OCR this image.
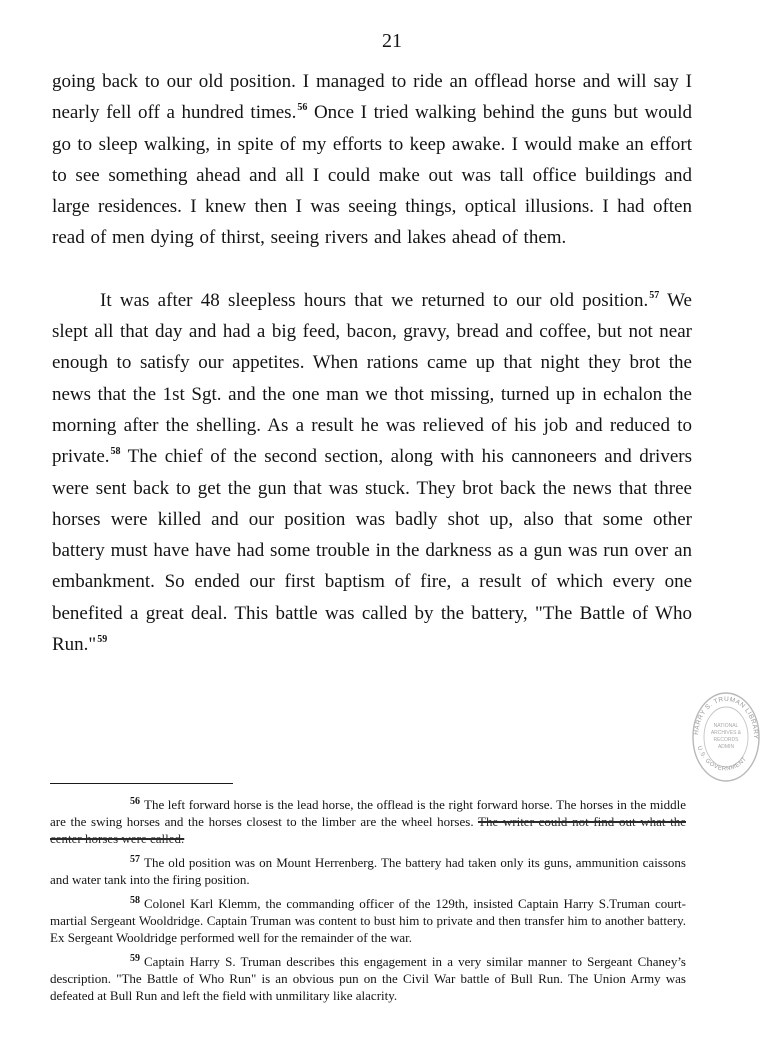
21

going back to our old position. I managed to ride an offlead horse and will say I nearly fell off a hundred times.$^{56}$ Once I tried walking behind the guns but would go to sleep walking, in spite of my efforts to keep awake. I would make an effort to see something ahead and all I could make out was tall office buildings and large residences. I knew then I was seeing things, optical illusions. I had often read of men dying of thirst, seeing rivers and lakes ahead of them.

It was after 48 sleepless hours that we returned to our old position.$^{57}$ We slept all that day and had a big feed, bacon, gravy, bread and coffee, but not near enough to satisfy our appetites. When rations came up that night they brot the news that the 1st Sgt. and the one man we thot missing, turned up in echalon the morning after the shelling. As a result he was relieved of his job and reduced to private.$^{58}$ The chief of the second section, along with his cannoneers and drivers were sent back to get the gun that was stuck. They brot back the news that three horses were killed and our position was badly shot up, also that some other battery must have have had some trouble in the darkness as a gun was run over an embankment. So ended our first baptism of fire, a result of which every one benefited a great deal. This battle was called by the battery, "The Battle of Who Run."$^{59}$

HARRY S. TRUMAN LIBRARY
U.S. GOVERNMENT
NATIONAL
ARCHIVES &
RECORDS
ADMIN

$^{56}$ The left forward horse is the lead horse, the offlead is the right forward horse. The horses in the middle are the swing horses and the horses closest to the limber are the wheel horses. The writer could not find out what the center horses were called.

$^{57}$ The old position was on Mount Herrenberg. The battery had taken only its guns, ammunition caissons and water tank into the firing position.

$^{58}$ Colonel Karl Klemm, the commanding officer of the 129th, insisted Captain Harry S.Truman court-martial Sergeant Wooldridge. Captain Truman was content to bust him to private and then transfer him to another battery. Ex Sergeant Wooldridge performed well for the remainder of the war.

$^{59}$ Captain Harry S. Truman describes this engagement in a very similar manner to Sergeant Chaney’s description. "The Battle of Who Run" is an obvious pun on the Civil War battle of Bull Run. The Union Army was defeated at Bull Run and left the field with unmilitary like alacrity.
